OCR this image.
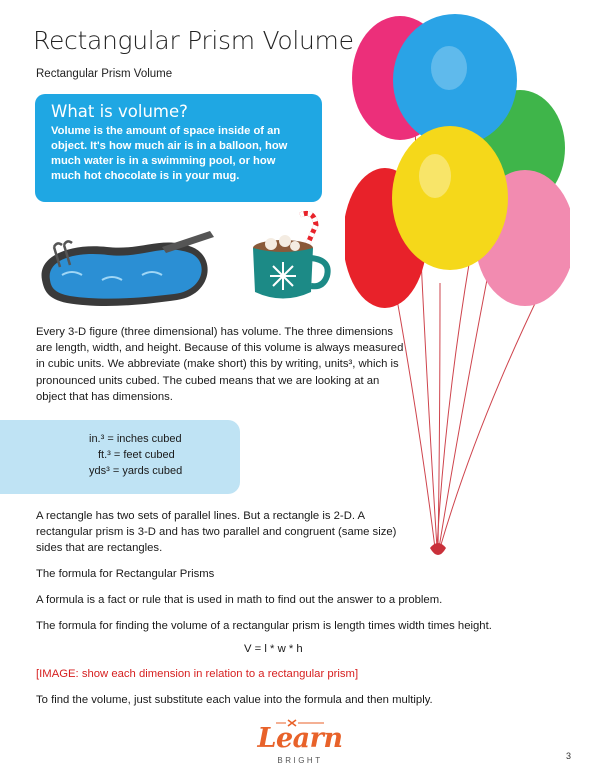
Rectangular Prism Volume
Rectangular Prism Volume
What is volume?
Volume is the amount of space inside of an object. It's how much air is in a balloon, how much water is in a swimming pool, or how much hot chocolate is in your mug.
Every 3-D figure (three dimensional) has volume. The three dimensions are length, width, and height. Because of this volume is always measured in cubic units. We abbreviate (make short) this by writing, units³, which is pronounced units cubed. The cubed means that we are looking at an object that has dimensions.
in.³ = inches cubed
ft.³ = feet cubed
yds³ = yards cubed
A rectangle has two sets of parallel lines. But a rectangle is 2-D. A rectangular prism is 3-D and has two parallel and congruent (same size) sides that are rectangles.
The formula for Rectangular Prisms
A formula is a fact or rule that is used in math to find out the answer to a problem.
The formula for finding the volume of a rectangular prism is length times width times height.
V = l * w * h
[IMAGE: show each dimension in relation to a rectangular prism]
To find the volume, just substitute each value into the formula and then multiply.
Learn
BRIGHT	3
